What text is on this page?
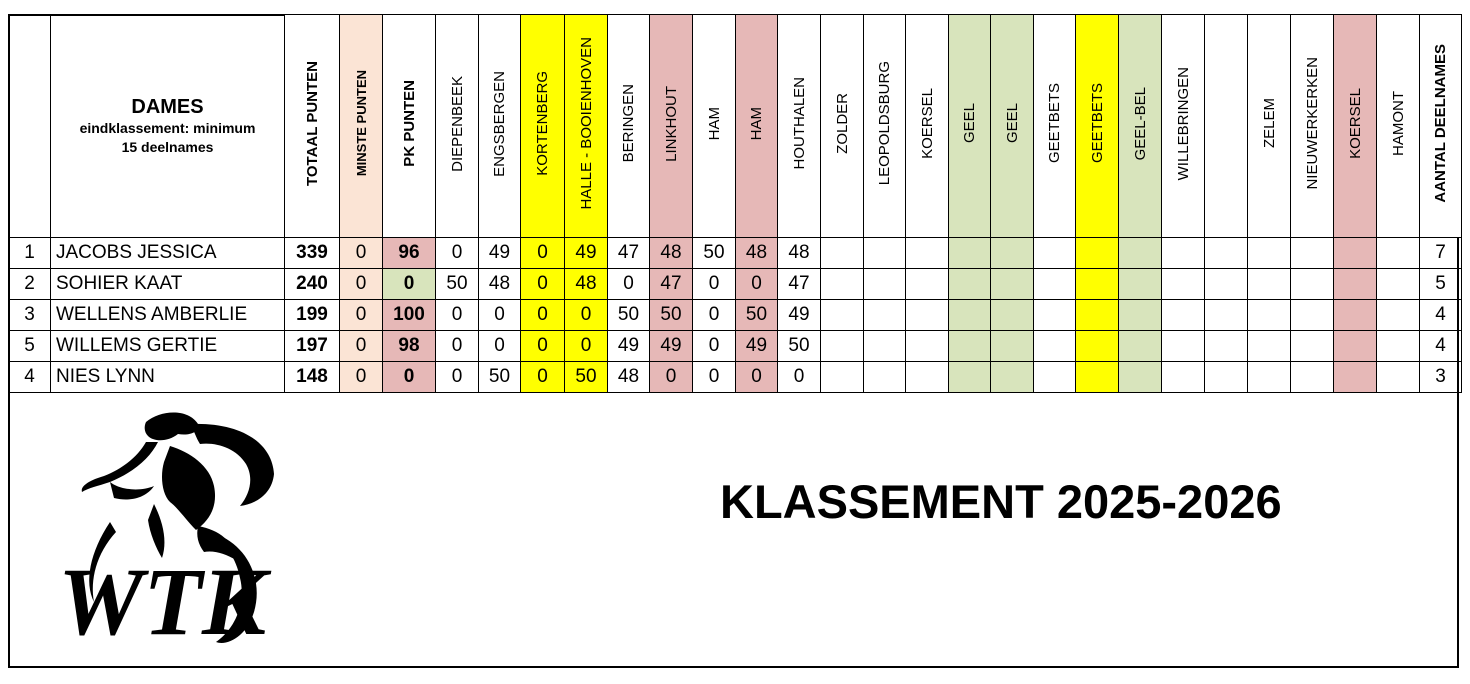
	DAMES
eindklassement: minimum
15 deelnames	TOTAAL PUNTEN	MINSTE PUNTEN	PK PUNTEN	DIEPENBEEK	ENGSBERGEN	KORTENBERG	HALLE - BOOIENHOVEN	BERINGEN	LINKHOUT	HAM	HAM	HOUTHALEN	ZOLDER	LEOPOLDSBURG	KOERSEL	GEEL	GEEL	GEETBETS	GEETBETS	GEEL-BEL	WILLEBRINGEN		ZELEM	NIEUWERKERKEN	KOERSEL	HAMONT	AANTAL DEELNAMES
1	JACOBS JESSICA	339	0	96	0	49	0	49	47	48	50	48	48															7
2	SOHIER KAAT	240	0	0	50	48	0	48	0	47	0	0	47															5
3	WELLENS AMBERLIE	199	0	100	0	0	0	0	50	50	0	50	49															4
5	WILLEMS GERTIE	197	0	98	0	0	0	0	49	49	0	49	50															4
4	NIES LYNN	148	0	0	0	50	0	50	48	0	0	0	0															3
WTK
KLASSEMENT 2025-2026
